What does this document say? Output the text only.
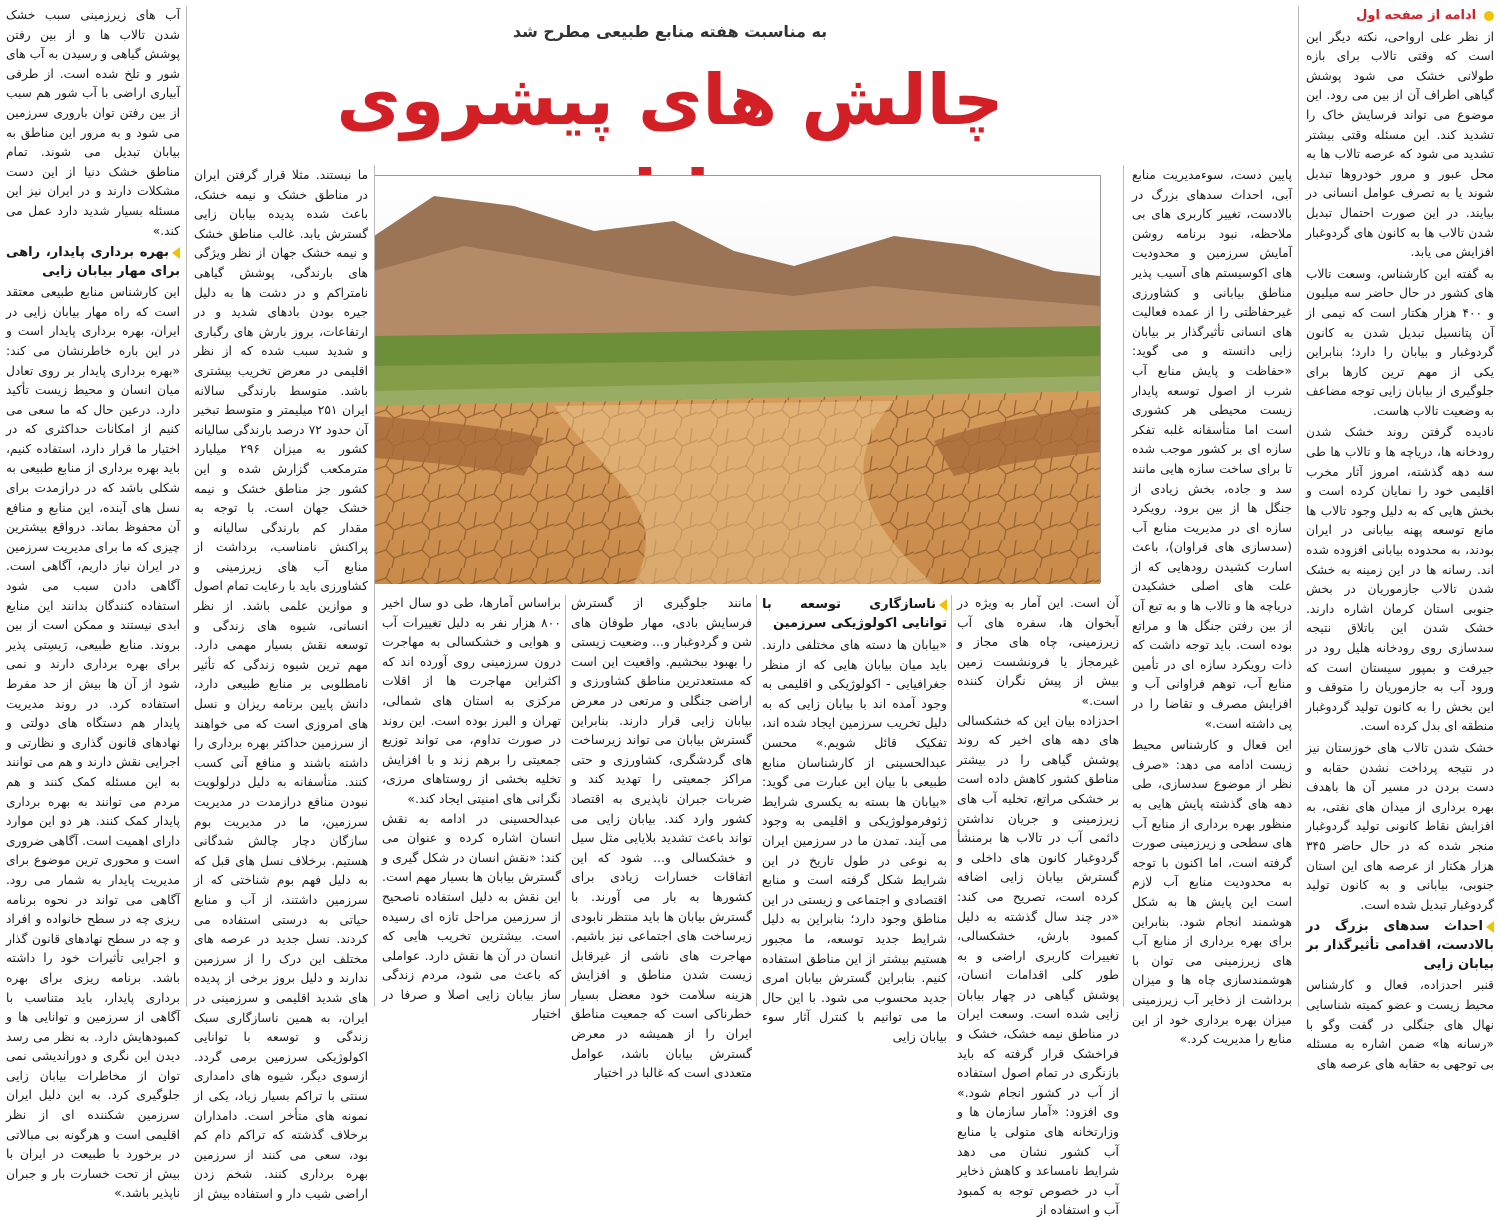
ادامه از صفحه اول

از نظر علی ارواحی، نکته دیگر این است که وقتی تالاب برای بازه طولانی خشک می شود پوشش گیاهی اطراف آن از بین می رود. این موضوع می تواند فرسایش خاک را تشدید کند. این مسئله وقتی بیشتر تشدید می شود که عرصه تالاب ها به محل عبور و مرور خودروها تبدیل شوند یا به تصرف عوامل انسانی در بیایند. در این صورت احتمال تبدیل شدن تالاب ها به کانون های گردوغبار افزایش می یابد.

به گفته این کارشناس، وسعت تالاب های کشور در حال حاضر سه میلیون و ۴۰۰ هزار هکتار است که نیمی از آن پتانسیل تبدیل شدن به کانون گردوغبار و بیابان را دارد؛ بنابراین یکی از مهم ترین کارها برای جلوگیری از بیابان زایی توجه مضاعف به وضعیت تالاب هاست.

نادیده گرفتن روند خشک شدن رودخانه ها، دریاچه ها و تالاب ها طی سه دهه گذشته، امروز آثار مخرب اقلیمی خود را نمایان کرده است و بخش هایی که به دلیل وجود تالاب ها مانع توسعه پهنه بیابانی در ایران بودند، به محدوده بیابانی افزوده شده اند. رسانه ها در این زمینه به خشک شدن تالاب جازموریان در بخش جنوبی استان کرمان اشاره دارند. خشک شدن این باتلاق نتیجه سدسازی روی رودخانه هلیل رود در جیرفت و بمپور سیستان است که ورود آب به جازموریان را متوقف و این بخش را به کانون تولید گردوغبار منطقه ای بدل کرده است.

خشک شدن تالاب های خوزستان نیز در نتیجه پرداخت نشدن حقابه و دست بردن در مسیر آن ها باهدف بهره برداری از میدان های نفتی، به افزایش نقاط کانونی تولید گردوغبار منجر شده که در حال حاضر ۳۴۵ هزار هکتار از عرصه های این استان جنوبی، بیابانی و به کانون تولید گردوغبار تبدیل شده است.

احداث سدهای بزرگ در بالادست، اقدامی تأثیرگذار بر بیابان زایی

قنبر احدزاده، فعال و کارشناس محیط زیست و عضو کمیته شناسایی نهال های جنگلی در گفت وگو با «رسانه ها» ضمن اشاره به مسئله بی توجهی به حقابه های عرصه های

به مناسبت هفته منابع طبیعی مطرح شد
چالش های پیشروی

پایین دست، سوءمدیریت منابع آبی، احداث سدهای بزرگ در بالادست، تغییر کاربری های بی ملاحظه، نبود برنامه روشن آمایش سرزمین و محدودیت های اکوسیستم های آسیب پذیر مناطق بیابانی و کشاورزی غیرحفاظتی را از عمده فعالیت های انسانی تأثیرگذار بر بیابان زایی دانسته و می گوید: «حفاظت و پایش منابع آب شرب از اصول توسعه پایدار زیست محیطی هر کشوری است اما متأسفانه غلبه تفکر سازه ای بر کشور موجب شده تا برای ساخت سازه هایی مانند سد و جاده، بخش زیادی از جنگل ها از بین برود. رویکرد سازه ای در مدیریت منابع آب (سدسازی های فراوان)، باعث اسارت کشیدن رودهایی که از علت های اصلی خشکیدن دریاچه ها و تالاب ها و به تبع آن از بین رفتن جنگل ها و مراتع بوده است. باید توجه داشت که ذات رویکرد سازه ای در تأمین منابع آب، توهم فراوانی آب و افزایش مصرف و تقاضا را در پی داشته است.»

این فعال و کارشناس محیط زیست ادامه می دهد: «صرف نظر از موضوع سدسازی، طی دهه های گذشته پایش هایی به منظور بهره برداری از منابع آب های سطحی و زیرزمینی صورت گرفته است، اما اکنون با توجه به محدودیت منابع آب لازم است این پایش ها به شکل هوشمند انجام شود. بنابراین برای بهره برداری از منابع آب های زیرزمینی می توان با هوشمندسازی چاه ها و میزان برداشت از ذخایر آب زیرزمینی میزان بهره برداری خود از این منابع را مدیریت کرد.»

آن است. این آمار به ویژه در آبخوان ها، سفره های آب زیرزمینی، چاه های مجاز و غیرمجاز یا فرونشست زمین بیش از پیش نگران کننده است.»

احدزاده بیان این که خشکسالی های دهه های اخیر که روند پوشش گیاهی را در بیشتر مناطق کشور کاهش داده است بر خشکی مراتع، تخلیه آب های زیرزمینی و جریان نداشتن دائمی آب در تالاب ها برمنشأ گردوغبار کانون های داخلی و گسترش بیابان زایی اضافه کرده است، تصریح می کند: «در چند سال گذشته به دلیل کمبود بارش، خشکسالی، تغییرات کاربری اراضی و به طور کلی اقدامات انسان، پوشش گیاهی در چهار بیابان زایی شده است. وسعت ایران در مناطق نیمه خشک، خشک و فراخشک قرار گرفته که باید بازنگری در تمام اصول استفاده از آب در کشور انجام شود.» وی افزود: «آمار سازمان ها و وزارتخانه های متولی یا منابع آب کشور نشان می دهد شرایط نامساعد و کاهش ذخایر آب در خصوص توجه به کمبود آب و استفاده از

ناسازگاری توسعه با توانایی اکولوژیکی سرزمین

«بیابان ها دسته های مختلفی دارند. باید میان بیابان هایی که از منظر جغرافیایی - اکولوژیکی و اقلیمی به وجود آمده اند با بیابان زایی که به دلیل تخریب سرزمین ایجاد شده اند، تفکیک قائل شویم.» محسن عبدالحسینی از کارشناسان منابع طبیعی با بیان این عبارت می گوید: «بیابان ها بسته به یکسری شرایط ژئوفرمولوژیکی و اقلیمی به وجود می آیند. تمدن ما در سرزمین ایران به نوعی در طول تاریخ در این شرایط شکل گرفته است و منابع اقتصادی و اجتماعی و زیستی در این مناطق وجود دارد؛ بنابراین به دلیل شرایط جدید توسعه، ما مجبور هستیم بیشتر از این مناطق استفاده کنیم. بنابراین گسترش بیابان امری جدید محسوب می شود. با این حال ما می توانیم با کنترل آثار سوء بیابان زایی

مانند جلوگیری از گسترش فرسایش بادی، مهار طوفان های شن و گردوغبار و... وضعیت زیستی را بهبود ببخشیم. واقعیت این است که مستعدترین مناطق کشاورزی و اراضی جنگلی و مرتعی در معرض بیابان زایی قرار دارند. بنابراین گسترش بیابان می تواند زیرساخت های گردشگری، کشاورزی و حتی مراکز جمعیتی را تهدید کند و ضربات جبران ناپذیری به اقتصاد کشور وارد کند. بیابان زایی می تواند باعث تشدید بلایایی مثل سیل و خشکسالی و... شود که این اتفاقات خسارات زیادی برای کشورها به بار می آورند. با گسترش بیابان ها باید منتظر نابودی زیرساخت های اجتماعی نیز باشیم. مهاجرت های ناشی از غیرقابل زیست شدن مناطق و افزایش هزینه سلامت خود معضل بسیار خطرناکی است که جمعیت مناطق ایران را از همیشه در معرض گسترش بیابان باشد، عوامل متعددی است که غالبا در اختیار

براساس آمارها، طی دو سال اخیر ۸۰۰ هزار نفر به دلیل تغییرات آب و هوایی و خشکسالی به مهاجرت درون سرزمینی روی آورده اند که اکثراین مهاجرت ها از اقلات مرکزی به استان های شمالی، تهران و البرز بوده است. این روند در صورت تداوم، می تواند توزیع جمعیتی را برهم زند و با افزایش تخلیه بخشی از روستاهای مرزی، نگرانی های امنیتی ایجاد کند.»

عبدالحسینی در ادامه به نقش انسان اشاره کرده و عنوان می کند: «نقش انسان در شکل گیری و گسترش بیابان ها بسیار مهم است. این نقش به دلیل استفاده ناصحیح از سرزمین مراحل تازه ای رسیده است. بیشترین تخریب هایی که انسان در آن ها نقش دارد. عواملی که باعث می شود، مردم زندگی ساز بیابان زایی اصلا و صرفا در اختیار

ما نیستند. مثلا قرار گرفتن ایران در مناطق خشک و نیمه خشک، باعث شده پدیده بیابان زایی گسترش یابد. غالب مناطق خشک و نیمه خشک جهان از نظر ویژگی های بارندگی، پوشش گیاهی نامتراکم و در دشت ها به دلیل جیره بودن بادهای شدید و در ارتفاعات، بروز بارش های رگباری و شدید سبب شده که از نظر اقلیمی در معرض تخریب بیشتری باشد. متوسط بارندگی سالانه ایران ۲۵۱ میلیمتر و متوسط تبخیر آن حدود ۷۲ درصد بارندگی سالیانه کشور به میزان ۲۹۶ میلیارد مترمکعب گزارش شده و این کشور جز مناطق خشک و نیمه خشک جهان است. با توجه به مقدار کم بارندگی سالیانه و پراکنش نامناسب، برداشت از منابع آب های زیرزمینی و کشاورزی باید با رعایت تمام اصول و موازین علمی باشد. از نظر انسانی، شیوه های زندگی و توسعه نقش بسیار مهمی دارد. مهم ترین شیوه زندگی که تأثیر نامطلوبی بر منابع طبیعی دارد، دانش پایین برنامه ریزان و نسل های امروزی است که می خواهند از سرزمین حداکثر بهره برداری را داشته باشند و منافع آنی کسب کنند. متأسفانه به دلیل درلولویت نبودن منافع درازمدت در مدیریت سرزمین، ما در مدیریت بوم سازگان دچار چالش شدگانی هستیم. برخلاف نسل های قبل که به دلیل فهم بوم شناختی که از سرزمین داشتند، از آب و منابع حیاتی به درستی استفاده می کردند. نسل جدید در عرصه های مختلف این درک را از سرزمین ندارند و دلیل بروز برخی از پدیده های شدید اقلیمی و سرزمینی در ایران، به همین ناسازگاری سبک زندگی و توسعه با توانایی اکولوژیکی سرزمین برمی گردد. ازسوی دیگر، شیوه های دامداری سنتی با تراکم بسیار زیاد، یکی از نمونه های متأخر است. دامداران برخلاف گذشته که تراکم دام کم بود، سعی می کنند از سرزمین بهره برداری کنند. شخم زدن اراضی شیب دار و استفاده بیش از

آب های زیرزمینی سبب خشک شدن تالاب ها و از بین رفتن پوشش گیاهی و رسیدن به آب های شور و تلخ شده است. از طرفی آبیاری اراضی با آب شور هم سبب از بین رفتن توان باروری سرزمین می شود و به مرور این مناطق به بیابان تبدیل می شوند. تمام مناطق خشک دنیا از این دست مشکلات دارند و در ایران نیز این مسئله بسیار شدید دارد عمل می کند.»

بهره برداری پایدار، راهی برای مهار بیابان زایی

این کارشناس منابع طبیعی معتقد است که راه مهار بیابان زایی در ایران، بهره برداری پایدار است و در این باره خاطرنشان می کند: «بهره برداری پایدار بر روی تعادل میان انسان و محیط زیست تأکید دارد. درعین حال که ما سعی می کنیم از امکانات حداکثری که در اختیار ما قرار دارد، استفاده کنیم، باید بهره برداری از منابع طبیعی به شکلی باشد که در درازمدت برای نسل های آینده، این منابع و منافع آن محفوظ بماند. درواقع بیشترین چیزی که ما برای مدیریت سرزمین در ایران نیاز داریم، آگاهی است. آگاهی دادن سبب می شود استفاده کنندگان بدانند این منابع ابدی نیستند و ممکن است از بین بروند. منابع طبیعی، رَیسِتی پذیر برای بهره برداری دارند و نمی شود از آن ها بیش از حد مفرط استفاده کرد. در روند مدیریت پایدار هم دستگاه های دولتی و نهادهای قانون گذاری و نظارتی و اجرایی نقش دارند و هم می توانند به این مسئله کمک کنند و هم مردم می توانند به بهره برداری پایدار کمک کنند. هر دو این موارد دارای اهمیت است. آگاهی ضروری است و محوری ترین موضوع برای مدیریت پایدار به شمار می رود. آگاهی می تواند در نحوه برنامه ریزی چه در سطح خانواده و افراد و چه در سطح نهادهای قانون گذار و اجرایی تأثیرات خود را داشته باشد. برنامه ریزی برای بهره برداری پایدار، باید متناسب با آگاهی از سرزمین و توانایی ها و کمبودهایش دارد. به نظر می رسد دیدن این نگری و دوراندیشی نمی توان از مخاطرات بیابان زایی جلوگیری کرد. به این دلیل ایران سرزمین شکننده ای از نظر اقلیمی است و هرگونه بی مبالاتی در برخورد با طبیعت در ایران با بیش از تحت خسارت بار و جبران ناپذیر باشد.»
